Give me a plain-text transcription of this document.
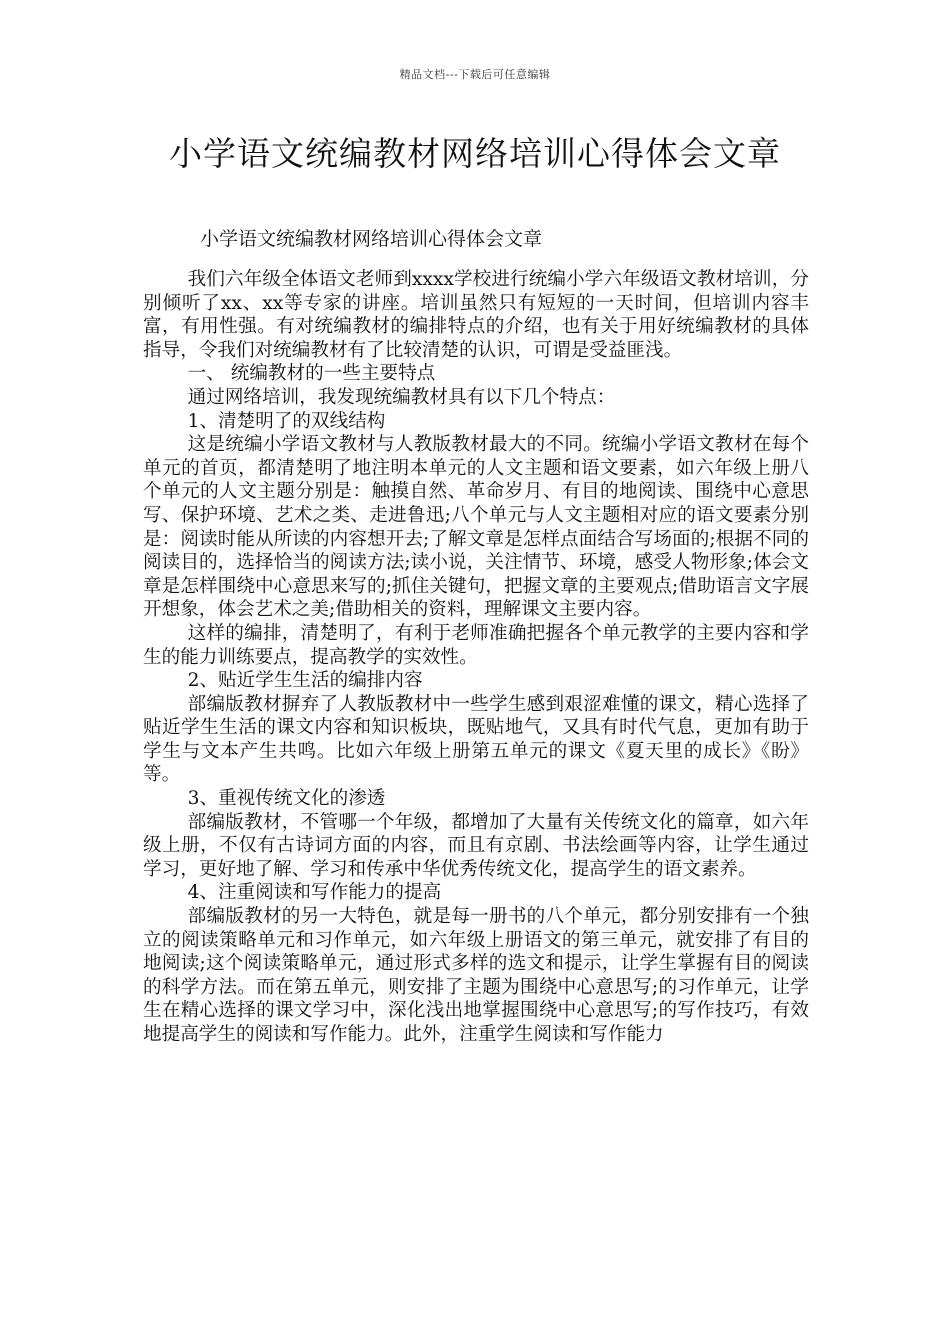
精品文档---下载后可任意编辑
小学语文统编教材网络培训心得体会文章

小学语文统编教材网络培训心得体会文章

我们六年级全体语文老师到xxxx学校进行统编小学六年级语文教材培训，分别倾听了xx、xx等专家的讲座。培训虽然只有短短的一天时间，但培训内容丰富，有用性强。有对统编教材的编排特点的介绍，也有关于用好统编教材的具体指导，令我们对统编教材有了比较清楚的认识，可谓是受益匪浅。

一、 统编教材的一些主要特点

通过网络培训，我发现统编教材具有以下几个特点：

1、清楚明了的双线结构

这是统编小学语文教材与人教版教材最大的不同。统编小学语文教材在每个单元的首页，都清楚明了地注明本单元的人文主题和语文要素，如六年级上册八个单元的人文主题分别是：触摸自然、革命岁月、有目的地阅读、围绕中心意思写、保护环境、艺术之类、走进鲁迅;八个单元与人文主题相对应的语文要素分别是：阅读时能从所读的内容想开去;了解文章是怎样点面结合写场面的;根据不同的阅读目的，选择恰当的阅读方法;读小说，关注情节、环境，感受人物形象;体会文章是怎样围绕中心意思来写的;抓住关键句，把握文章的主要观点;借助语言文字展开想象，体会艺术之美;借助相关的资料，理解课文主要内容。

这样的编排，清楚明了，有利于老师准确把握各个单元教学的主要内容和学生的能力训练要点，提高教学的实效性。

2、贴近学生生活的编排内容

部编版教材摒弃了人教版教材中一些学生感到艰涩难懂的课文，精心选择了贴近学生生活的课文内容和知识板块，既贴地气，又具有时代气息，更加有助于学生与文本产生共鸣。比如六年级上册第五单元的课文《夏天里的成长》《盼》等。

3、重视传统文化的渗透

部编版教材，不管哪一个年级，都增加了大量有关传统文化的篇章，如六年级上册，不仅有古诗词方面的内容，而且有京剧、书法绘画等内容，让学生通过学习，更好地了解、学习和传承中华优秀传统文化，提高学生的语文素养。

4、注重阅读和写作能力的提高

部编版教材的另一大特色，就是每一册书的八个单元，都分别安排有一个独立的阅读策略单元和习作单元，如六年级上册语文的第三单元，就安排了有目的地阅读;这个阅读策略单元，通过形式多样的选文和提示，让学生掌握有目的阅读的科学方法。而在第五单元，则安排了主题为围绕中心意思写;的习作单元，让学生在精心选择的课文学习中，深化浅出地掌握围绕中心意思写;的写作技巧，有效地提高学生的阅读和写作能力。此外，注重学生阅读和写作能力
